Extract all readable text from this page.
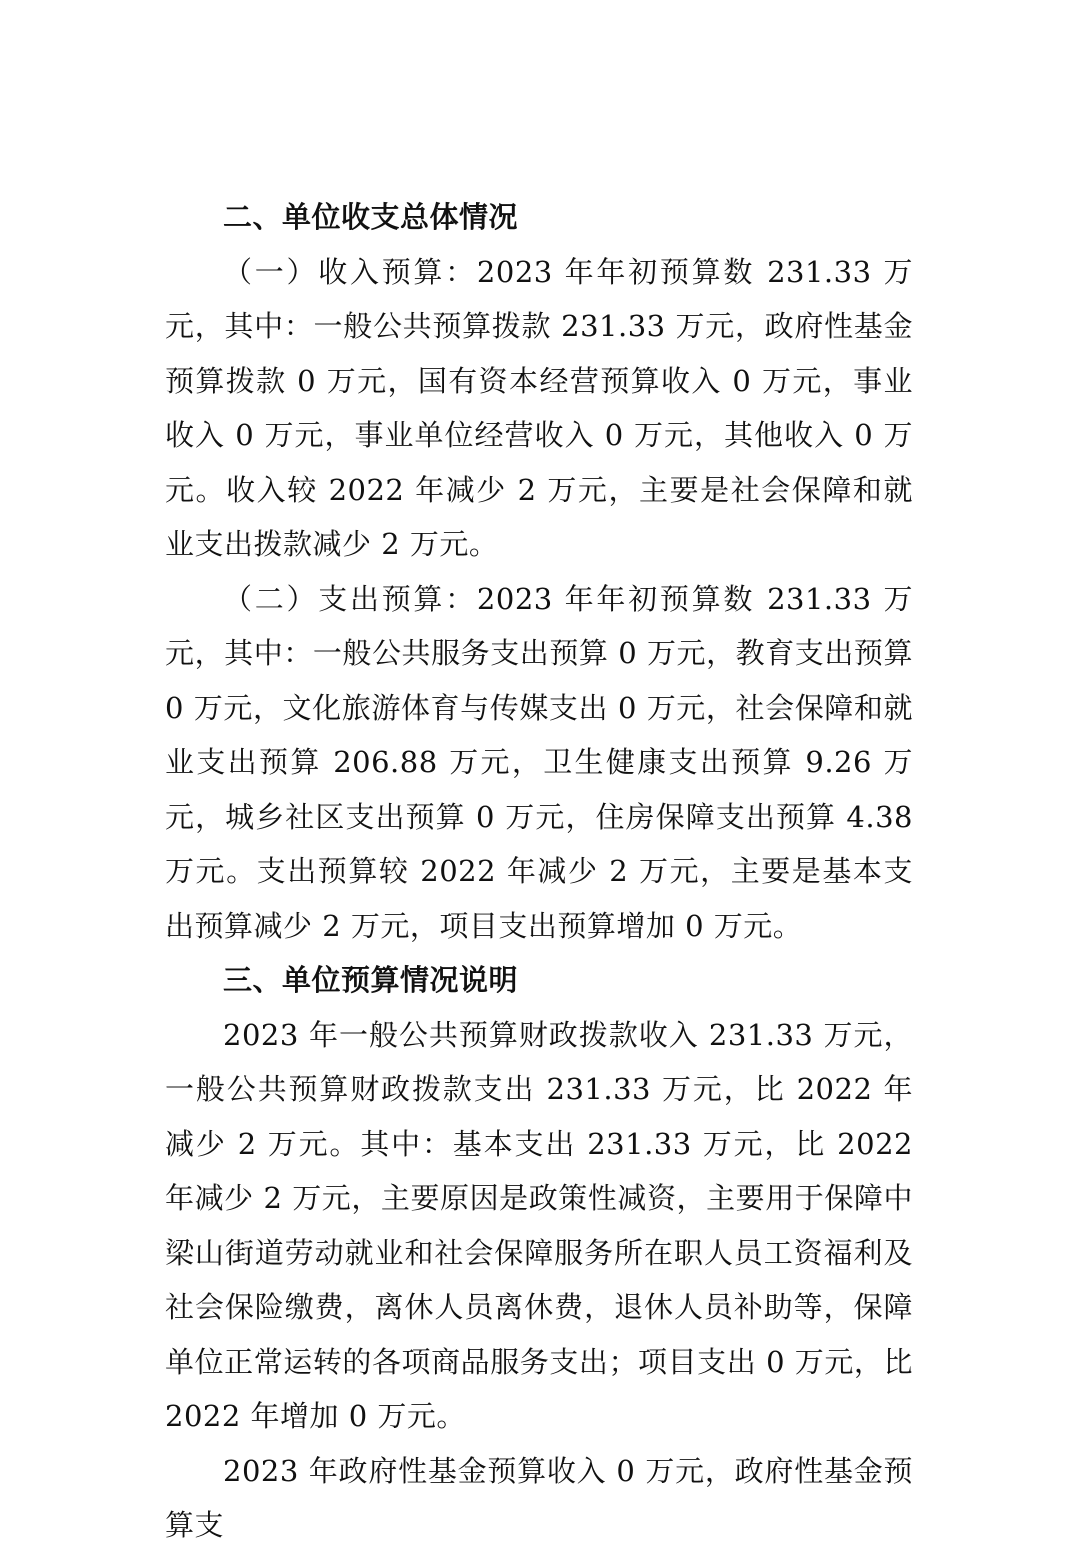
二、单位收支总体情况

（一）收入预算：2023 年年初预算数 231.33 万元，其中：一般公共预算拨款 231.33 万元，政府性基金预算拨款 0 万元，国有资本经营预算收入 0 万元，事业收入 0 万元，事业单位经营收入 0 万元，其他收入 0 万元。收入较 2022 年减少 2 万元，主要是社会保障和就业支出拨款减少 2 万元。

（二）支出预算：2023 年年初预算数 231.33 万元，其中：一般公共服务支出预算 0 万元，教育支出预算 0 万元，文化旅游体育与传媒支出 0 万元，社会保障和就业支出预算 206.88 万元，卫生健康支出预算 9.26 万元，城乡社区支出预算 0 万元，住房保障支出预算 4.38 万元。支出预算较 2022 年减少 2 万元，主要是基本支出预算减少 2 万元，项目支出预算增加 0 万元。

三、单位预算情况说明

2023 年一般公共预算财政拨款收入 231.33 万元，一般公共预算财政拨款支出 231.33 万元，比 2022 年减少 2 万元。其中：基本支出 231.33 万元，比 2022 年减少 2 万元，主要原因是政策性减资，主要用于保障中梁山街道劳动就业和社会保障服务所在职人员工资福利及社会保险缴费，离休人员离休费，退休人员补助等，保障单位正常运转的各项商品服务支出；项目支出 0 万元，比 2022 年增加 0 万元。

2023 年政府性基金预算收入 0 万元，政府性基金预算支
